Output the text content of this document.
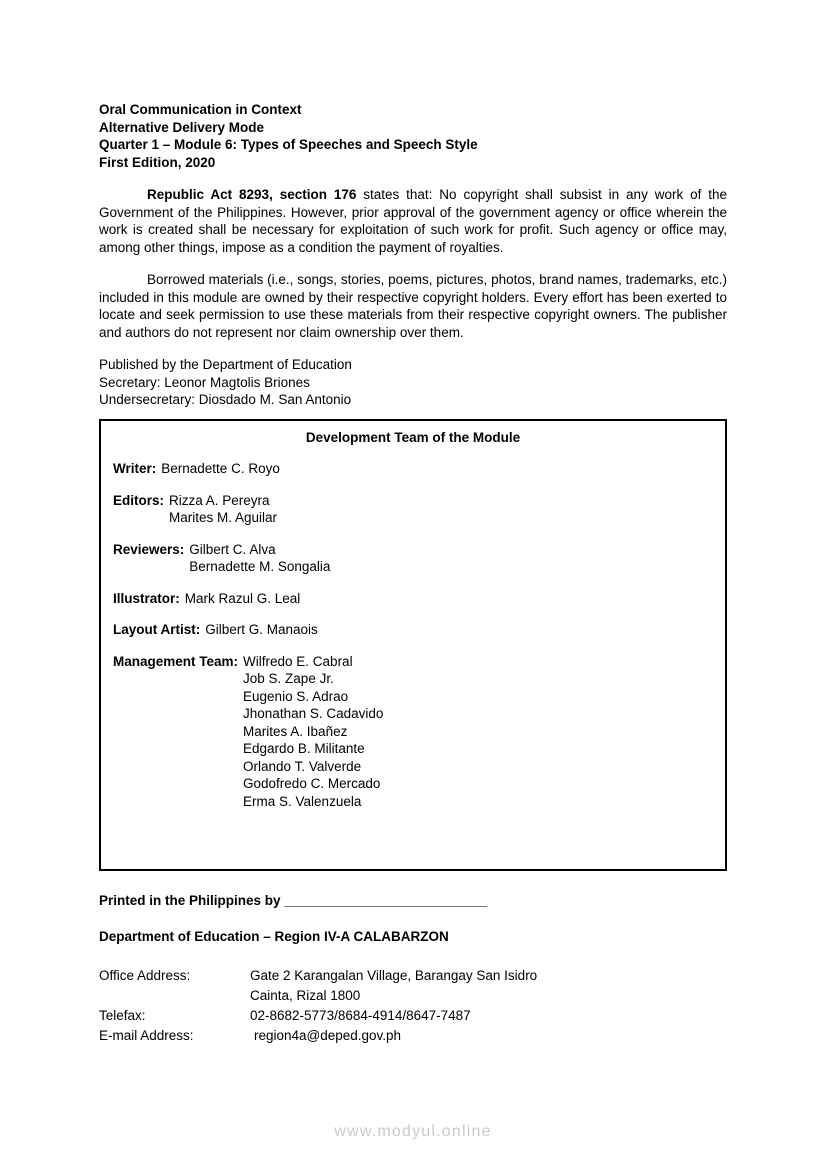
Oral Communication in Context
Alternative Delivery Mode
Quarter 1 – Module 6: Types of Speeches and Speech Style
First Edition, 2020

Republic Act 8293, section 176 states that: No copyright shall subsist in any work of the Government of the Philippines. However, prior approval of the government agency or office wherein the work is created shall be necessary for exploitation of such work for profit. Such agency or office may, among other things, impose as a condition the payment of royalties.

Borrowed materials (i.e., songs, stories, poems, pictures, photos, brand names, trademarks, etc.) included in this module are owned by their respective copyright holders. Every effort has been exerted to locate and seek permission to use these materials from their respective copyright owners. The publisher and authors do not represent nor claim ownership over them.

Published by the Department of Education
Secretary: Leonor Magtolis Briones
Undersecretary: Diosdado M. San Antonio
Development Team of the Module
Writer: Bernadette C. Royo
Editors: Rizza A. Pereyra
Marites M. Aguilar
Reviewers: Gilbert C. Alva
Bernadette M. Songalia
Illustrator: Mark Razul G. Leal
Layout Artist: Gilbert G. Manaois
Management Team: Wilfredo E. Cabral
Job S. Zape Jr.
Eugenio S. Adrao
Jhonathan S. Cadavido
Marites A. Ibañez
Edgardo B. Militante
Orlando T. Valverde
Godofredo C. Mercado
Erma S. Valenzuela
Printed in the Philippines by ___________________________
Department of Education – Region IV-A CALABARZON
Office Address:	Gate 2 Karangalan Village, Barangay San Isidro
Cainta, Rizal 1800
Telefax:	02-8682-5773/8684-4914/8647-7487
E-mail Address:	region4a@deped.gov.ph
www.modyul.online
